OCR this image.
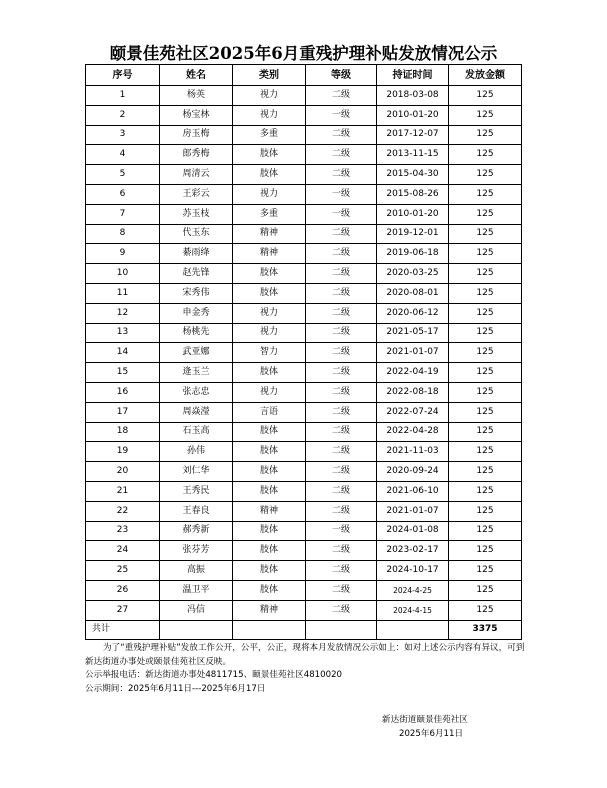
颐景佳苑社区2025年6月重残护理补贴发放情况公示
序号	姓名	类别	等级	持证时间	发放金额
1	杨英	视力	二级	2018-03-08	125
2	杨宝林	视力	一级	2010-01-20	125
3	房玉梅	多重	二级	2017-12-07	125
4	郎秀梅	肢体	二级	2013-11-15	125
5	周清云	肢体	二级	2015-04-30	125
6	王彩云	视力	一级	2015-08-26	125
7	苏玉枝	多重	一级	2010-01-20	125
8	代玉东	精神	二级	2019-12-01	125
9	綦雨绛	精神	二级	2019-06-18	125
10	赵先锋	肢体	二级	2020-03-25	125
11	宋秀伟	肢体	二级	2020-08-01	125
12	申金秀	视力	二级	2020-06-12	125
13	杨桃先	视力	二级	2021-05-17	125
14	武亚娜	智力	二级	2021-01-07	125
15	逄玉兰	肢体	二级	2022-04-19	125
16	张志忠	视力	二级	2022-08-18	125
17	周焱瀅	言语	二级	2022-07-24	125
18	石玉高	肢体	二级	2022-04-28	125
19	孙伟	肢体	二级	2021-11-03	125
20	刘仁华	肢体	二级	2020-09-24	125
21	王秀民	肢体	二级	2021-06-10	125
22	王春良	精神	二级	2021-01-07	125
23	郝秀新	肢体	一级	2024-01-08	125
24	张芬芳	肢体	二级	2023-02-17	125
25	高振	肢体	二级	2024-10-17	125
26	温卫平	肢体	二级	2024-4-25	125
27	冯信	精神	二级	2024-4-15	125
共计					3375

为了“重残护理补贴”发放工作公开，公平，公正，现将本月发放情况公示如上：如对上述公示内容有异议，可到新达街道办事处或颐景佳苑社区反映。

公示举报电话：新达街道办事处4811715、颐景佳苑社区4810020

公示期间：2025年6月11日---2025年6月17日

新达街道颐景佳苑社区
2025年6月11日
